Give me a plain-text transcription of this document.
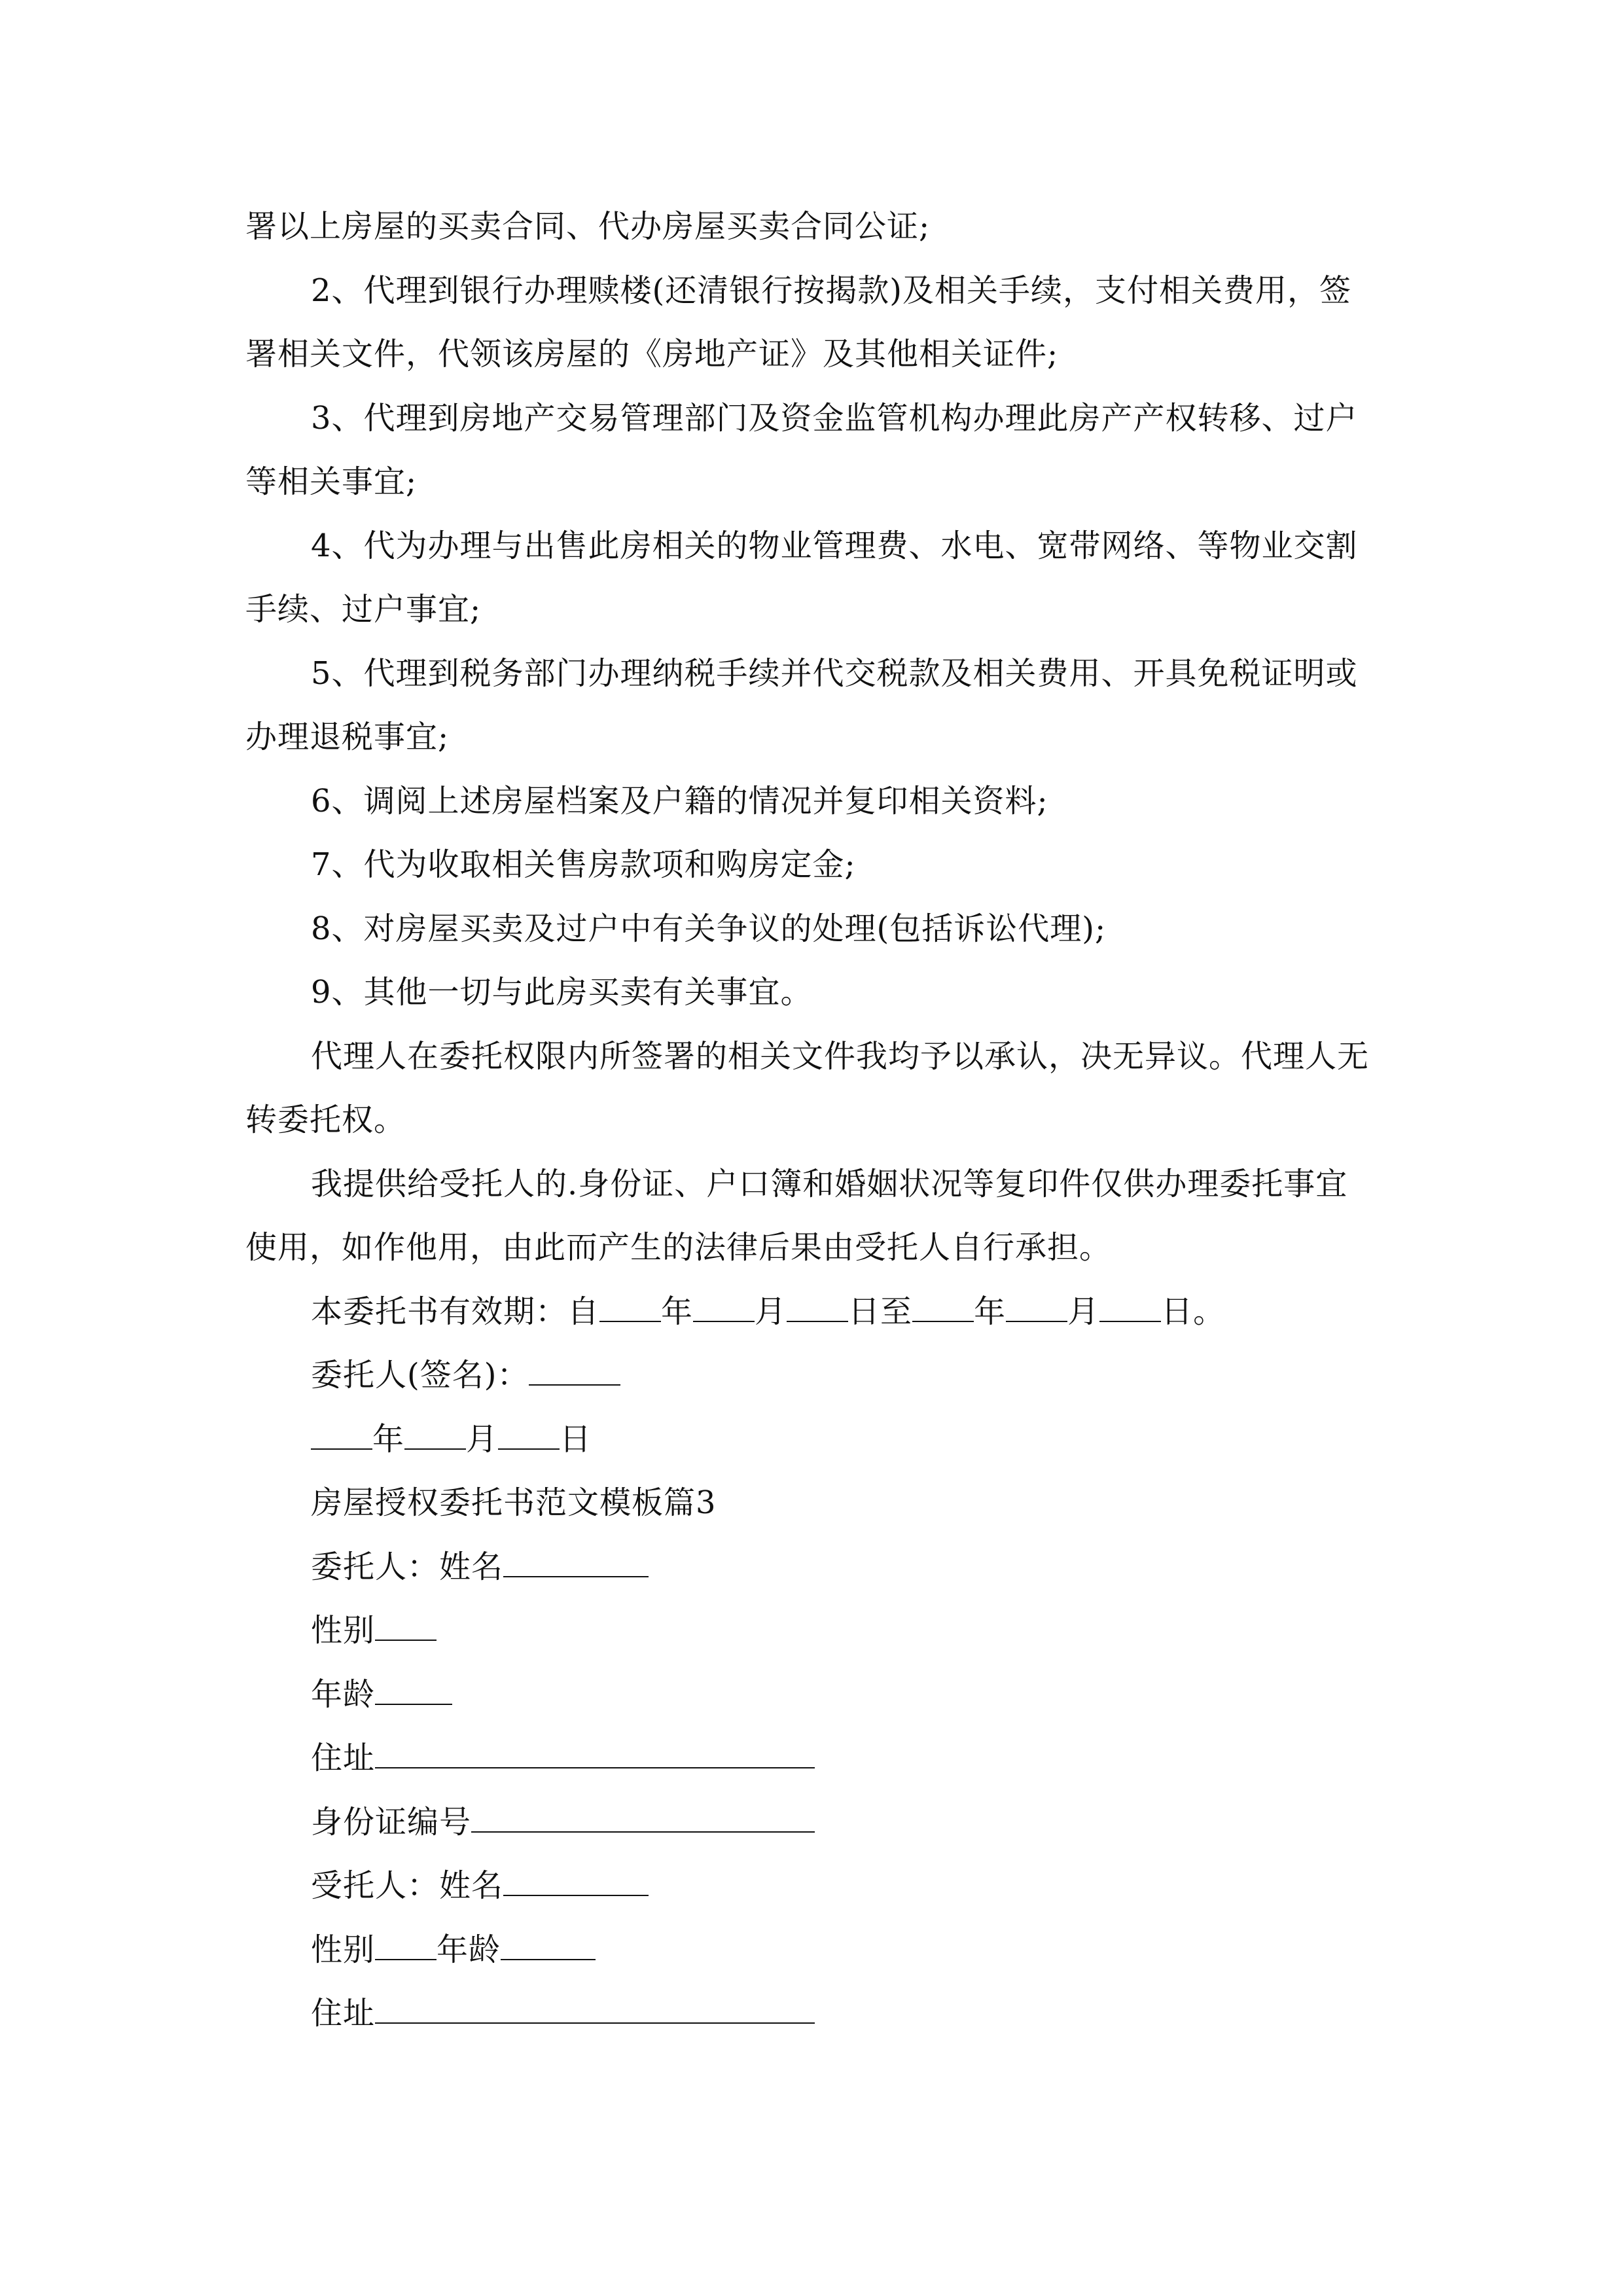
署以上房屋的买卖合同、代办房屋买卖合同公证;
2、代理到银行办理赎楼(还清银行按揭款)及相关手续，支付相关费用，签
署相关文件，代领该房屋的《房地产证》及其他相关证件;
3、代理到房地产交易管理部门及资金监管机构办理此房产产权转移、过户
等相关事宜;
4、代为办理与出售此房相关的物业管理费、水电、宽带网络、等物业交割
手续、过户事宜;
5、代理到税务部门办理纳税手续并代交税款及相关费用、开具免税证明或
办理退税事宜;
6、调阅上述房屋档案及户籍的情况并复印相关资料;
7、代为收取相关售房款项和购房定金;
8、对房屋买卖及过户中有关争议的处理(包括诉讼代理);
9、其他一切与此房买卖有关事宜。
代理人在委托权限内所签署的相关文件我均予以承认，决无异议。代理人无
转委托权。
我提供给受托人的.身份证、户口簿和婚姻状况等复印件仅供办理委托事宜
使用，如作他用，由此而产生的法律后果由受托人自行承担。
本委托书有效期：自 年 月 日至 年 月 日。
委托人(签名)：
年 月 日
房屋授权委托书范文模板篇3
委托人：姓名
性别
年龄
住址
身份证编号
受托人：姓名
性别 年龄
住址
